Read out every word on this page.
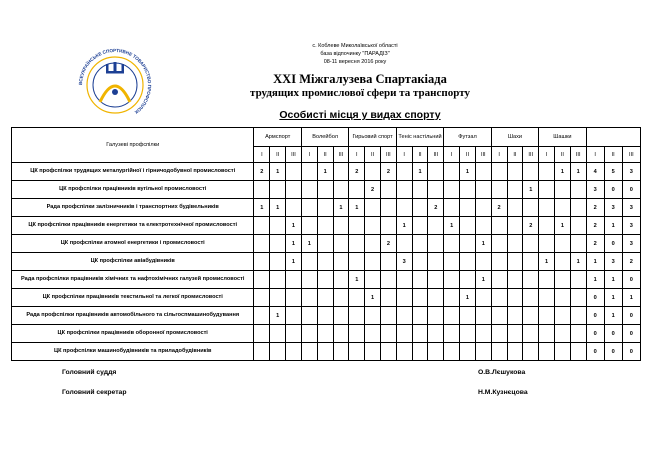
ВСЕУКРАЇНСЬКЕ СПОРТИВНЕ ТОВАРИСТВО ПРОФСПІЛОК
с. Коблеве Миколаївської області
база відпочинку "ПАРАДІЗ"
08-11 вересня 2016 року
ХХІ Міжгалузева Спартакіада
трудящих промислової сфери та транспорту
Особисті місця у видах спорту
Галузеві профспілки	Армспорт			Волейбол			Гирьовий спорт			Теніс настільний			Футзал			Шахи			Шашки					
	I	II	III	I	II	III	I	II	III	I	II	III	I	II	III	I	II	III	I	II	III	I	II	III
ЦК профспілки трудящих металургійної і гірничодобувної промисловості	2	1			1		2		2		1			1						1	1	4	5	3
ЦК профспілки працівників вугільної промисловості								2										1				3	0	0
Рада профспілки залізничників і транспортних будівельників	1	1				1	1					2				2						2	3	3
ЦК профспілки працівників енергетики та електротехнічної промисловості			1							1			1					2		1		2	1	3
ЦК профспілки атомної енергетики і промисловості			1	1					2						1							2	0	3
ЦК профспілки авіабудівників			1							3									1		1	1	3	2
Рада профспілки працівників хімічних та нафтохімічних галузей промисловості							1								1							1	1	0
ЦК профспілки працівників текстильної та легкої промисловості								1						1								0	1	1
Рада профспілки працівників автомобільного та сільгоспмашинобудування		1																				0	1	0
ЦК профспілки працівників оборонної промисловості																						0	0	0
ЦК профспілки машинобудівників та приладобудівників																						0	0	0
Головний суддя	О.В.Лєшукова
Головний секретар	Н.М.Кузнєцова
